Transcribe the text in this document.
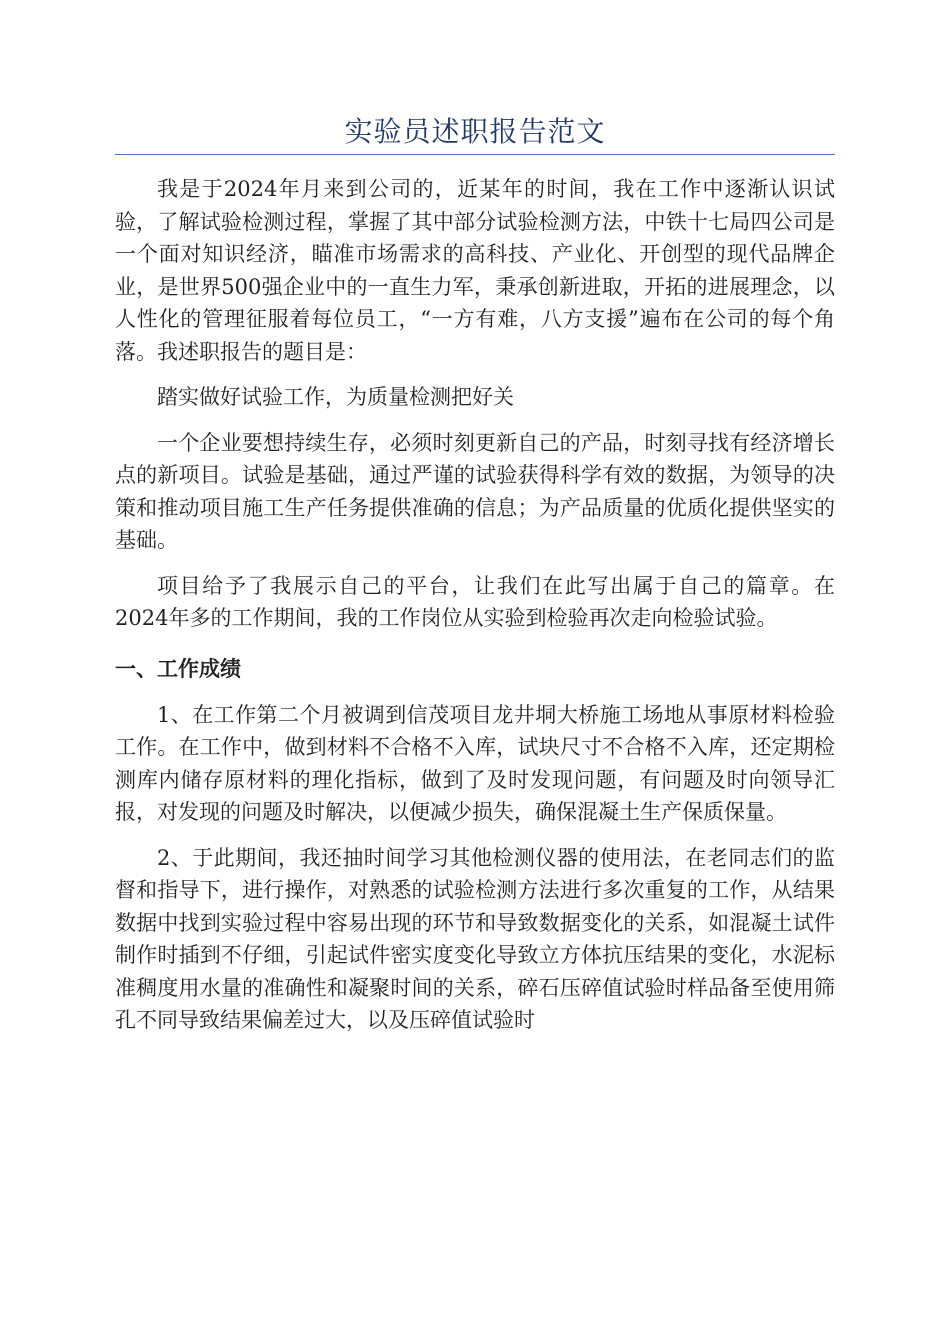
实验员述职报告范文

我是于2024年月来到公司的，近某年的时间，我在工作中逐渐认识试验，了解试验检测过程，掌握了其中部分试验检测方法，中铁十七局四公司是一个面对知识经济，瞄准市场需求的高科技、产业化、开创型的现代品牌企业，是世界500强企业中的一直生力军，秉承创新进取，开拓的进展理念，以人性化的管理征服着每位员工，“一方有难，八方支援”遍布在公司的每个角落。我述职报告的题目是：

踏实做好试验工作，为质量检测把好关

一个企业要想持续生存，必须时刻更新自己的产品，时刻寻找有经济增长点的新项目。试验是基础，通过严谨的试验获得科学有效的数据，为领导的决策和推动项目施工生产任务提供准确的信息；为产品质量的优质化提供坚实的基础。

项目给予了我展示自己的平台，让我们在此写出属于自己的篇章。在2024年多的工作期间，我的工作岗位从实验到检验再次走向检验试验。

一、工作成绩

1、在工作第二个月被调到信茂项目龙井垌大桥施工场地从事原材料检验工作。在工作中，做到材料不合格不入库，试块尺寸不合格不入库，还定期检测库内储存原材料的理化指标，做到了及时发现问题，有问题及时向领导汇报，对发现的问题及时解决，以便减少损失，确保混凝土生产保质保量。

2、于此期间，我还抽时间学习其他检测仪器的使用法，在老同志们的监督和指导下，进行操作，对熟悉的试验检测方法进行多次重复的工作，从结果数据中找到实验过程中容易出现的环节和导致数据变化的关系，如混凝土试件制作时插到不仔细，引起试件密实度变化导致立方体抗压结果的变化，水泥标准稠度用水量的准确性和凝聚时间的关系，碎石压碎值试验时样品备至使用筛孔不同导致结果偏差过大，以及压碎值试验时
